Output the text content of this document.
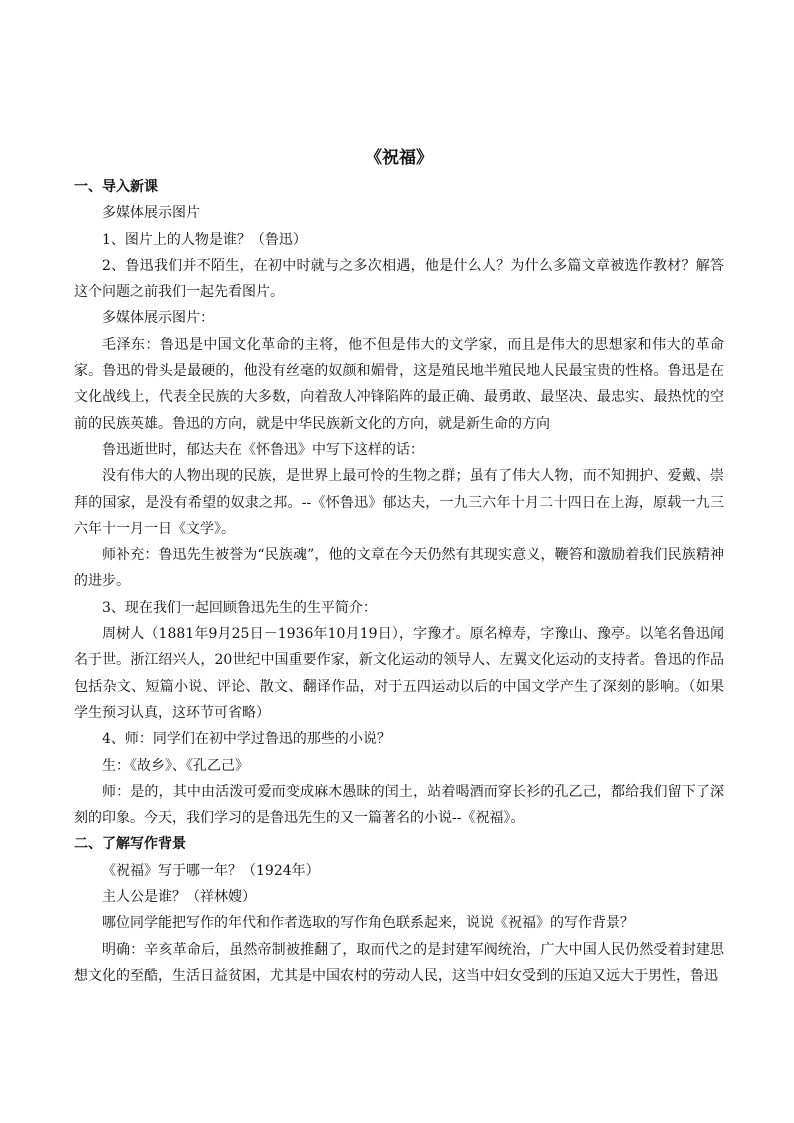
《祝福》

一、导入新课

多媒体展示图片

1、图片上的人物是谁？（鲁迅）

2、鲁迅我们并不陌生，在初中时就与之多次相遇，他是什么人？为什么多篇文章被选作教材？解答这个问题之前我们一起先看图片。

多媒体展示图片：

毛泽东：鲁迅是中国文化革命的主将，他不但是伟大的文学家，而且是伟大的思想家和伟大的革命家。鲁迅的骨头是最硬的，他没有丝毫的奴颜和媚骨，这是殖民地半殖民地人民最宝贵的性格。鲁迅是在文化战线上，代表全民族的大多数，向着敌人冲锋陷阵的最正确、最勇敢、最坚决、最忠实、最热忱的空前的民族英雄。鲁迅的方向，就是中华民族新文化的方向，就是新生命的方向

鲁迅逝世时，郁达夫在《怀鲁迅》中写下这样的话：

没有伟大的人物出现的民族，是世界上最可怜的生物之群；虽有了伟大人物，而不知拥护、爱戴、崇拜的国家，是没有希望的奴隶之邦。--《怀鲁迅》郁达夫，一九三六年十月二十四日在上海，原载一九三六年十一月一日《文学》。

师补充：鲁迅先生被誉为“民族魂”，他的文章在今天仍然有其现实意义，鞭笞和激励着我们民族精神的进步。

3、现在我们一起回顾鲁迅先生的生平简介：

周树人（1881年9月25日－1936年10月19日），字豫才。原名樟寿，字豫山、豫亭。以笔名鲁迅闻名于世。浙江绍兴人，20世纪中国重要作家，新文化运动的领导人、左翼文化运动的支持者。鲁迅的作品包括杂文、短篇小说、评论、散文、翻译作品，对于五四运动以后的中国文学产生了深刻的影响。（如果学生预习认真，这环节可省略）

4、师：同学们在初中学过鲁迅的那些的小说？

生：《故乡》、《孔乙己》

师：是的，其中由活泼可爱而变成麻木愚昧的闰土，站着喝酒而穿长衫的孔乙己，都给我们留下了深刻的印象。今天，我们学习的是鲁迅先生的又一篇著名的小说--《祝福》。

二、了解写作背景

《祝福》写于哪一年？（1924年）

主人公是谁？（祥林嫂）

哪位同学能把写作的年代和作者选取的写作角色联系起来，说说《祝福》的写作背景？

明确：辛亥革命后，虽然帝制被推翻了，取而代之的是封建军阀统治，广大中国人民仍然受着封建思想文化的至酷，生活日益贫困，尤其是中国农村的劳动人民，这当中妇女受到的压迫又远大于男性，鲁迅
